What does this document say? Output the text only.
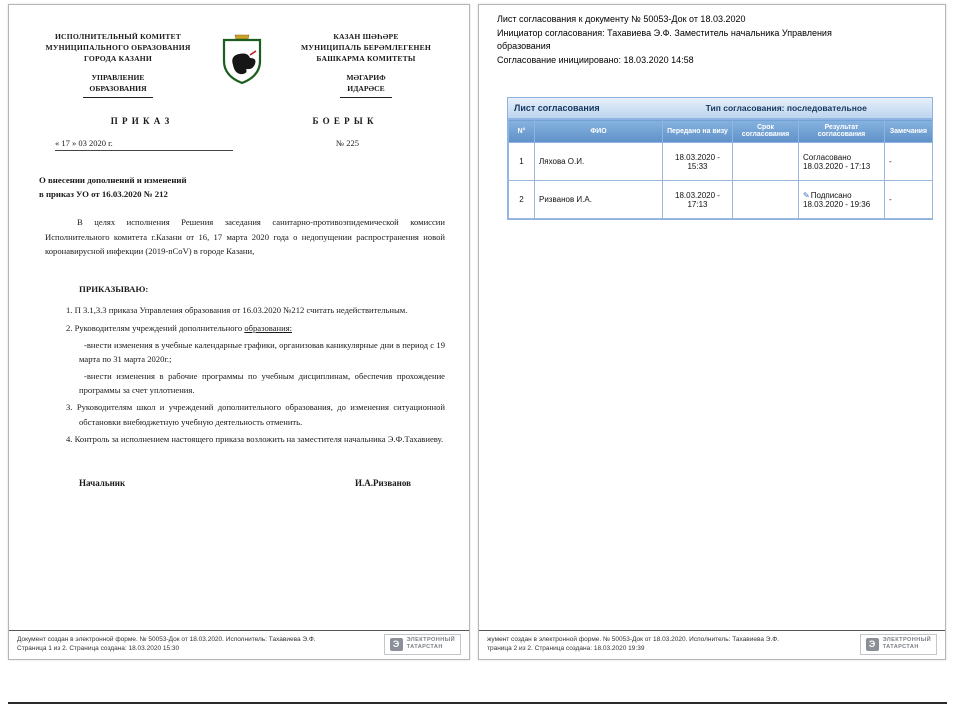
ИСПОЛНИТЕЛЬНЫЙ КОМИТЕТ
МУНИЦИПАЛЬНОГО ОБРАЗОВАНИЯ
ГОРОДА КАЗАНИ
УПРАВЛЕНИЕ
ОБРАЗОВАНИЯ
КАЗАН ШӘҺӘРЕ
МУНИЦИПАЛЬ БЕРӘМЛЕГЕНЕН
БАШКАРМА КОМИТЕТЫ
МӘГАРИФ
ИДАРӘСЕ
П Р И К А З	Б О Е Р Ы К
« 17 » 03 2020 г.	№ 225
О внесении дополнений и изменений
в приказ УО от 16.03.2020 № 212

В целях исполнения Решения заседания санитарно-противоэпидемической комиссии Исполнительного комитета г.Казани от 16, 17 марта 2020 года о недопущении распространения новой коронавирусной инфекции (2019-nCoV) в городе Казани,

ПРИКАЗЫВАЮ:

1. П 3.1,3.3 приказа Управления образования от 16.03.2020 №212 считать недействительным.

2. Руководителям учреждений дополнительного образования:

-внести изменения в учебные календарные графики, организовав каникулярные дни в период с 19 марта по 31 марта 2020г.;

-внести изменения в рабочие программы по учебным дисциплинам, обеспечив прохождение программы за счет уплотнения.

3. Руководителям школ и учреждений дополнительного образования, до изменения ситуационной обстановки внебюджетную учебную деятельность отменить.

4. Контроль за исполнением настоящего приказа возложить на заместителя начальника Э.Ф.Тахавиеву.

Начальник	И.А.Ризванов
Документ создан в электронной форме. № 50053-Док от 18.03.2020. Исполнитель: Тахавиева Э.Ф.
Страница 1 из 2. Страница создана: 18.03.2020 15:30	Э	ЭЛЕКТРОННЫЙ
ТАТАРСТАН
Лист согласования к документу № 50053-Док от 18.03.2020
Инициатор согласования: Тахавиева Э.Ф. Заместитель начальника Управления образования
Согласование инициировано: 18.03.2020 14:58
Лист согласования	Тип согласования: последовательное
N°	ФИО	Передано на визу	Срок согласования	Результат согласования	Замечания
1	Ляхова О.И.	18.03.2020 - 15:33		Согласовано 18.03.2020 - 17:13	-
2	Ризванов И.А.	18.03.2020 - 17:13		✎Подписано 18.03.2020 - 19:36	-
жумент создан в электронной форме. № 50053-Док от 18.03.2020. Исполнитель: Тахавиева Э.Ф.
траница 2 из 2. Страница создана: 18.03.2020 19:39	Э	ЭЛЕКТРОННЫЙ
ТАТАРСТАН
